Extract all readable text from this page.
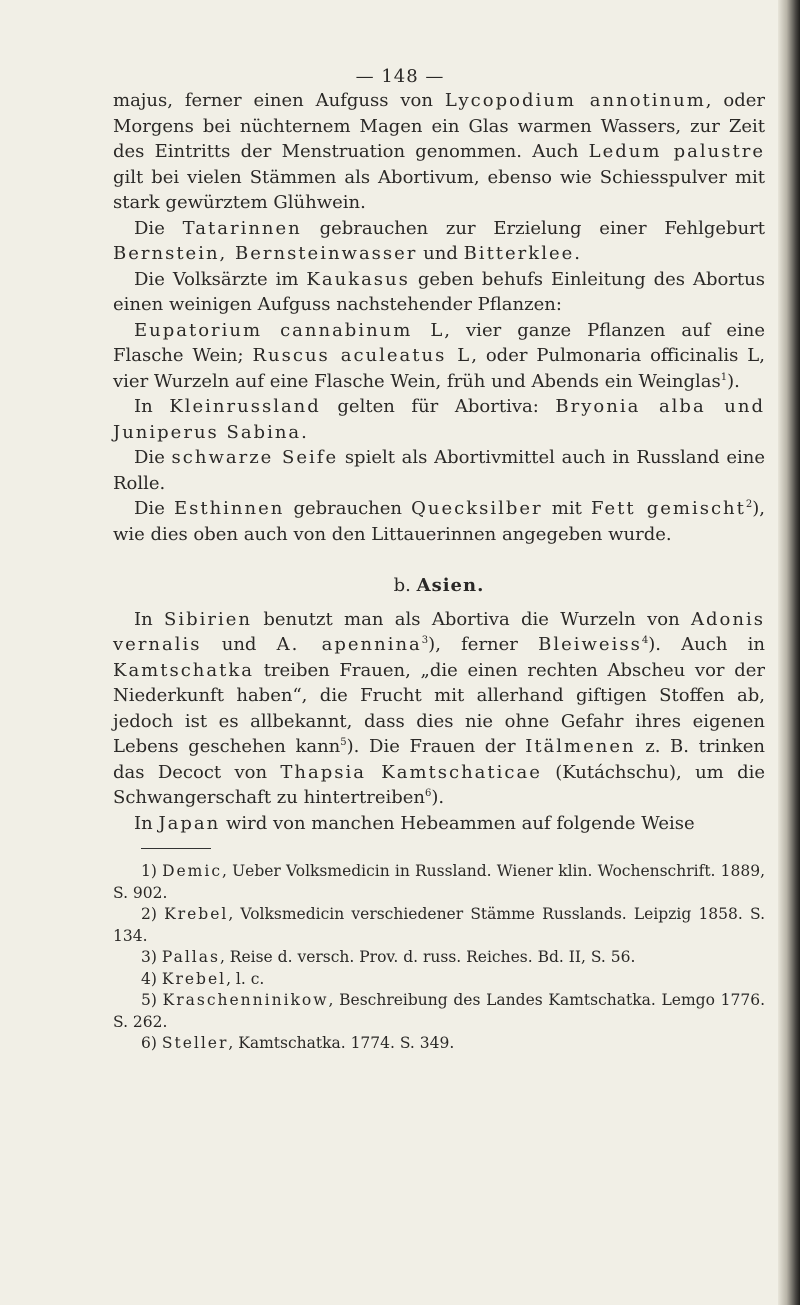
— 148 —

majus, ferner einen Aufguss von Lycopodium annotinum, oder Morgens bei nüchternem Magen ein Glas warmen Wassers, zur Zeit des Eintritts der Menstruation genommen. Auch Ledum palustre gilt bei vielen Stämmen als Abortivum, ebenso wie Schiesspulver mit stark gewürztem Glühwein.

Die Tatarinnen gebrauchen zur Erzielung einer Fehlgeburt Bernstein, Bernsteinwasser und Bitterklee.

Die Volksärzte im Kaukasus geben behufs Einleitung des Abortus einen weinigen Aufguss nachstehender Pflanzen:

Eupatorium cannabinum L, vier ganze Pflanzen auf eine Flasche Wein; Ruscus aculeatus L, oder Pulmonaria officinalis L, vier Wurzeln auf eine Flasche Wein, früh und Abends ein Weinglas$^1$).

In Kleinrussland gelten für Abortiva: Bryonia alba und Juniperus Sabina.

Die schwarze Seife spielt als Abortivmittel auch in Russland eine Rolle.

Die Esthinnen gebrauchen Quecksilber mit Fett gemischt$^2$), wie dies oben auch von den Littauerinnen angegeben wurde.

b. Asien.

In Sibirien benutzt man als Abortiva die Wurzeln von Adonis vernalis und A. apennina$^3$), ferner Bleiweiss$^4$). Auch in Kamtschatka treiben Frauen, „die einen rechten Abscheu vor der Niederkunft haben“, die Frucht mit allerhand giftigen Stoffen ab, jedoch ist es allbekannt, dass dies nie ohne Gefahr ihres eigenen Lebens geschehen kann$^5$). Die Frauen der Itälmenen z. B. trinken das Decoct von Thapsia Kamtschaticae (Kutáchschu), um die Schwangerschaft zu hintertreiben$^6$).

In Japan wird von manchen Hebeammen auf folgende Weise

1) Demic, Ueber Volksmedicin in Russland. Wiener klin. Wochenschrift. 1889, S. 902.

2) Krebel, Volksmedicin verschiedener Stämme Russlands. Leipzig 1858. S. 134.

3) Pallas, Reise d. versch. Prov. d. russ. Reiches. Bd. II, S. 56.

4) Krebel, l. c.

5) Kraschenninikow, Beschreibung des Landes Kamtschatka. Lemgo 1776. S. 262.

6) Steller, Kamtschatka. 1774. S. 349.
